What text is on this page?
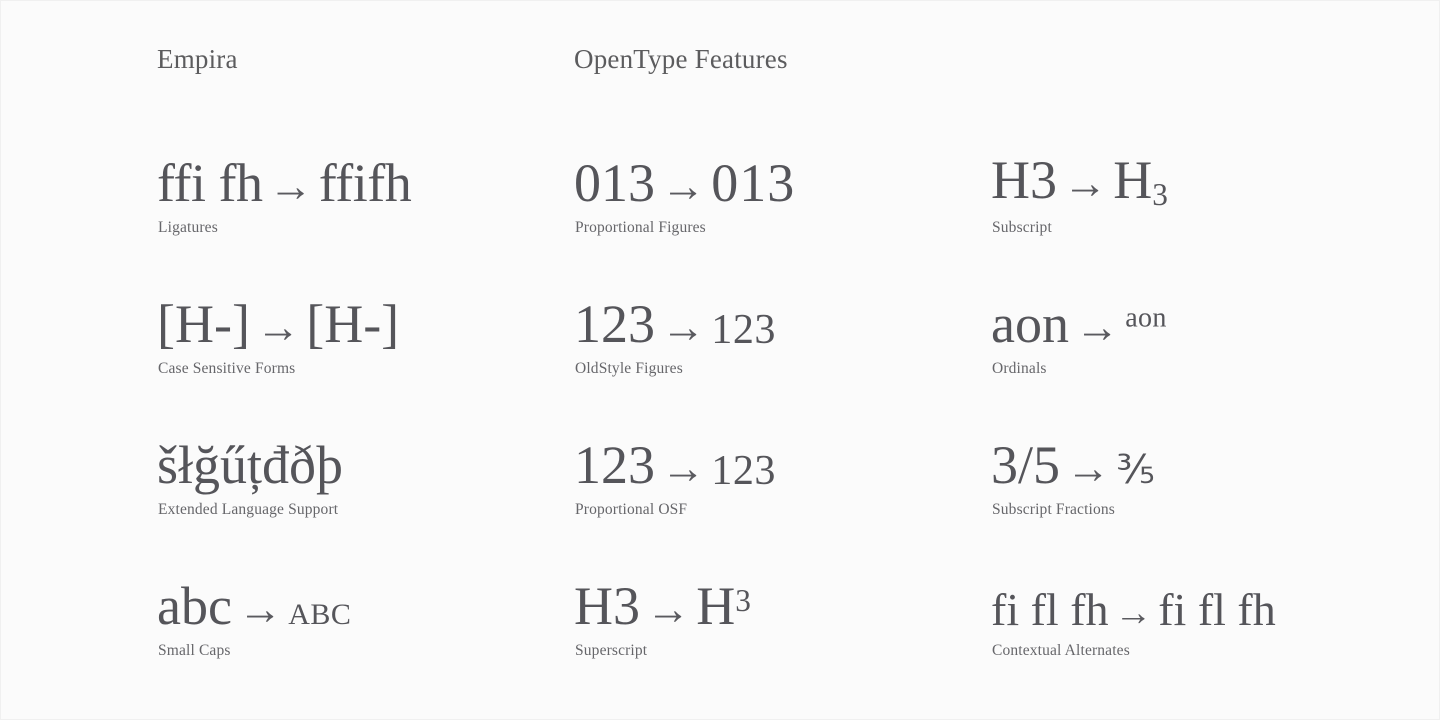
Empira	OpenType Features
ffi fh → ffifh
Ligatures
013 → 013
Proportional Figures
$H3 \to H_3$
Subscript
[H-] → [H-]
Case Sensitive Forms
123 → 123
OldStyle Figures
aon → $^{aon}$
Ordinals
šłğűțđðþ
Extended Language Support
123 → 123
Proportional OSF
3/5 → ⅗
Subscript Fractions
abc → abc
Small Caps
$H3 \to H^3$
Superscript
fi fl fh → fi fl fh
Contextual Alternates
